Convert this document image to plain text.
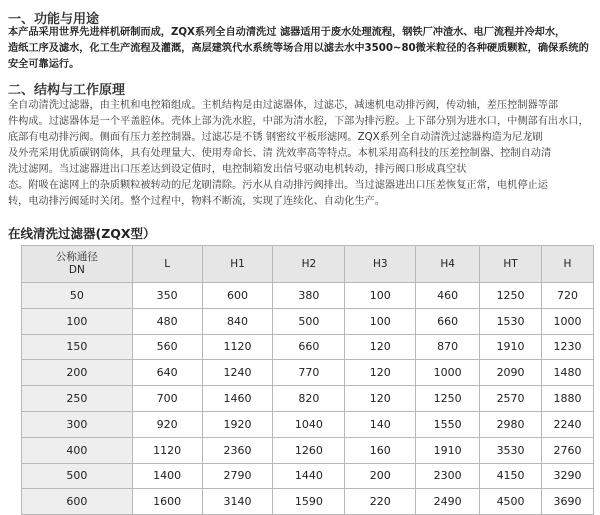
一、功能与用途
本产品采用世界先进样机研制而成，ZQX系列全自动清洗过 滤器适用于废水处理流程，钢铁厂冲渣水、电厂流程并冷却水，
造纸工序及滤水，化工生产流程及灌溉，高层建筑代水系统等场合用以滤去水中3500~80微米粒径的各种硬质颗粒，确保系统的
安全可靠运行。
二、结构与工作原理
全自动清洗过滤器，由主机和电控箱组成。主机结构是由过滤器体，过滤芯，减速机电动排污阀，传动轴，差压控制器等部
件构成。过滤器体是一个平盖腔体。壳体上部为洗水腔，中部为清水腔，下部为排污腔。上下部分别为进水口，中侧部有出水口，
底部有电动排污阀。侧面有压力差控制器。过滤芯是不锈 钢密纹平板形滤网。ZQX系列全自动清洗过滤器构造为尼龙刷
及外壳采用优质碳钢筒体，具有处理量大、使用寿命长、清 洗效率高等特点。本机采用高科技的压差控制器、控制自动清
洗过滤网。当过滤器进出口压差达到设定值时，电控制箱发出信号驱动电机转动，排污阀口形成真空状
态。附吸在滤网上的杂质颗粒被转动的尼龙刷清除。污水从自动排污阀排出。当过滤器进出口压差恢复正常，电机停止运
转，电动排污阀延时关闭。整个过程中，物料不断流，实现了连续化、自动化生产。
在线清洗过滤器(ZQX型）
公称通径
DN	L	H1	H2	H3	H4	HT	H
50	350	600	380	100	460	1250	720
100	480	840	500	100	660	1530	1000
150	560	1120	660	120	870	1910	1230
200	640	1240	770	120	1000	2090	1480
250	700	1460	820	120	1250	2570	1880
300	920	1920	1040	140	1550	2980	2240
400	1120	2360	1260	160	1910	3530	2760
500	1400	2790	1440	200	2300	4150	3290
600	1600	3140	1590	220	2490	4500	3690
